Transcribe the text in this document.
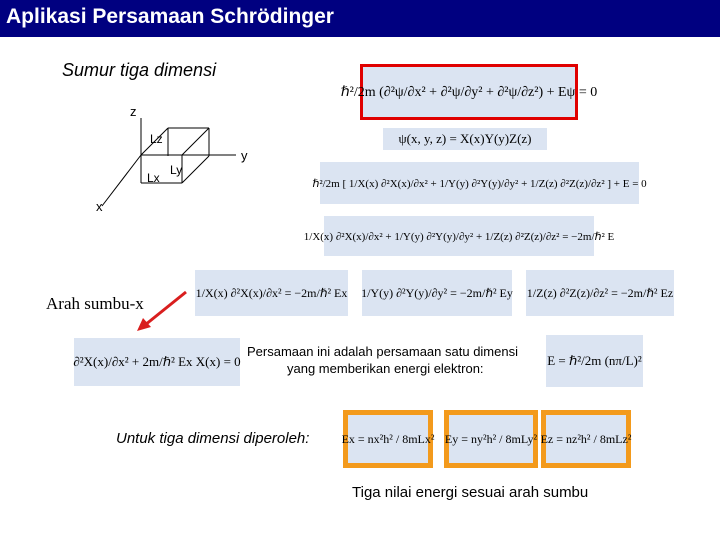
Aplikasi Persamaan Schrödinger
Sumur tiga dimensi
z
y
x
Lz
Lx
Ly
ℏ²/2m (∂²ψ/∂x² + ∂²ψ/∂y² + ∂²ψ/∂z²) + Eψ = 0
ψ(x, y, z) = X(x)Y(y)Z(z)
ℏ²/2m [ 1/X(x) ∂²X(x)/∂x² + 1/Y(y) ∂²Y(y)/∂y² + 1/Z(z) ∂²Z(z)/∂z² ] + E = 0
1/X(x) ∂²X(x)/∂x² + 1/Y(y) ∂²Y(y)/∂y² + 1/Z(z) ∂²Z(z)/∂z² = −2m/ℏ² E
1/X(x) ∂²X(x)/∂x² = −2m/ℏ² Ex 1/Y(y) ∂²Y(y)/∂y² = −2m/ℏ² Ey 1/Z(z) ∂²Z(z)/∂z² = −2m/ℏ² Ez
Arah sumbu-x
∂²X(x)/∂x² + 2m/ℏ² Ex X(x) = 0
Persamaan ini adalah persamaan satu dimensi
yang memberikan energi elektron:
E = ℏ²/2m (nπ/L)²
Untuk tiga dimensi diperoleh:	Ex = nx²h² / 8mLx² Ey = ny²h² / 8mLy² Ez = nz²h² / 8mLz²
Tiga nilai energi sesuai arah sumbu
